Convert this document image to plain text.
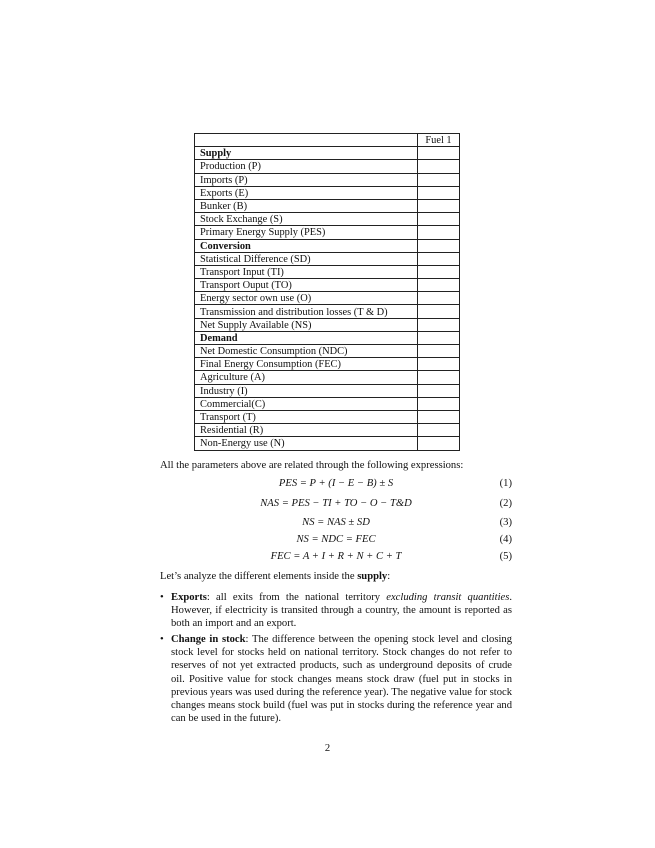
	Fuel 1
Supply	
Production (P)	
Imports (P)	
Exports (E)	
Bunker (B)	
Stock Exchange (S)	
Primary Energy Supply (PES)	
Conversion	
Statistical Difference (SD)	
Transport Input (TI)	
Transport Ouput (TO)	
Energy sector own use (O)	
Transmission and distribution losses (T & D)	
Net Supply Available (NS)	
Demand	
Net Domestic Consumption (NDC)	
Final Energy Consumption (FEC)	
Agriculture (A)	
Industry (I)	
Commercial(C)	
Transport (T)	
Residential (R)	
Non-Energy use (N)	
All the parameters above are related through the following expressions:
PES = P + (I − E − B) ± S	(1)
NAS = PES − TI + TO − O − T&D	(2)
NS = NAS ± SD	(3)
NS = NDC = FEC	(4)
FEC = A + I + R + N + C + T	(5)
Let’s analyze the different elements inside the supply:
• Exports: all exits from the national territory excluding transit quantities. However, if electricity is transited through a country, the amount is reported as both an import and an export.
• Change in stock: The difference between the opening stock level and closing stock level for stocks held on national territory. Stock changes do not refer to reserves of not yet extracted products, such as underground deposits of crude oil. Positive value for stock changes means stock draw (fuel put in stocks in previous years was used during the reference year). The negative value for stock changes means stock build (fuel was put in stocks during the reference year and can be used in the future).
2
